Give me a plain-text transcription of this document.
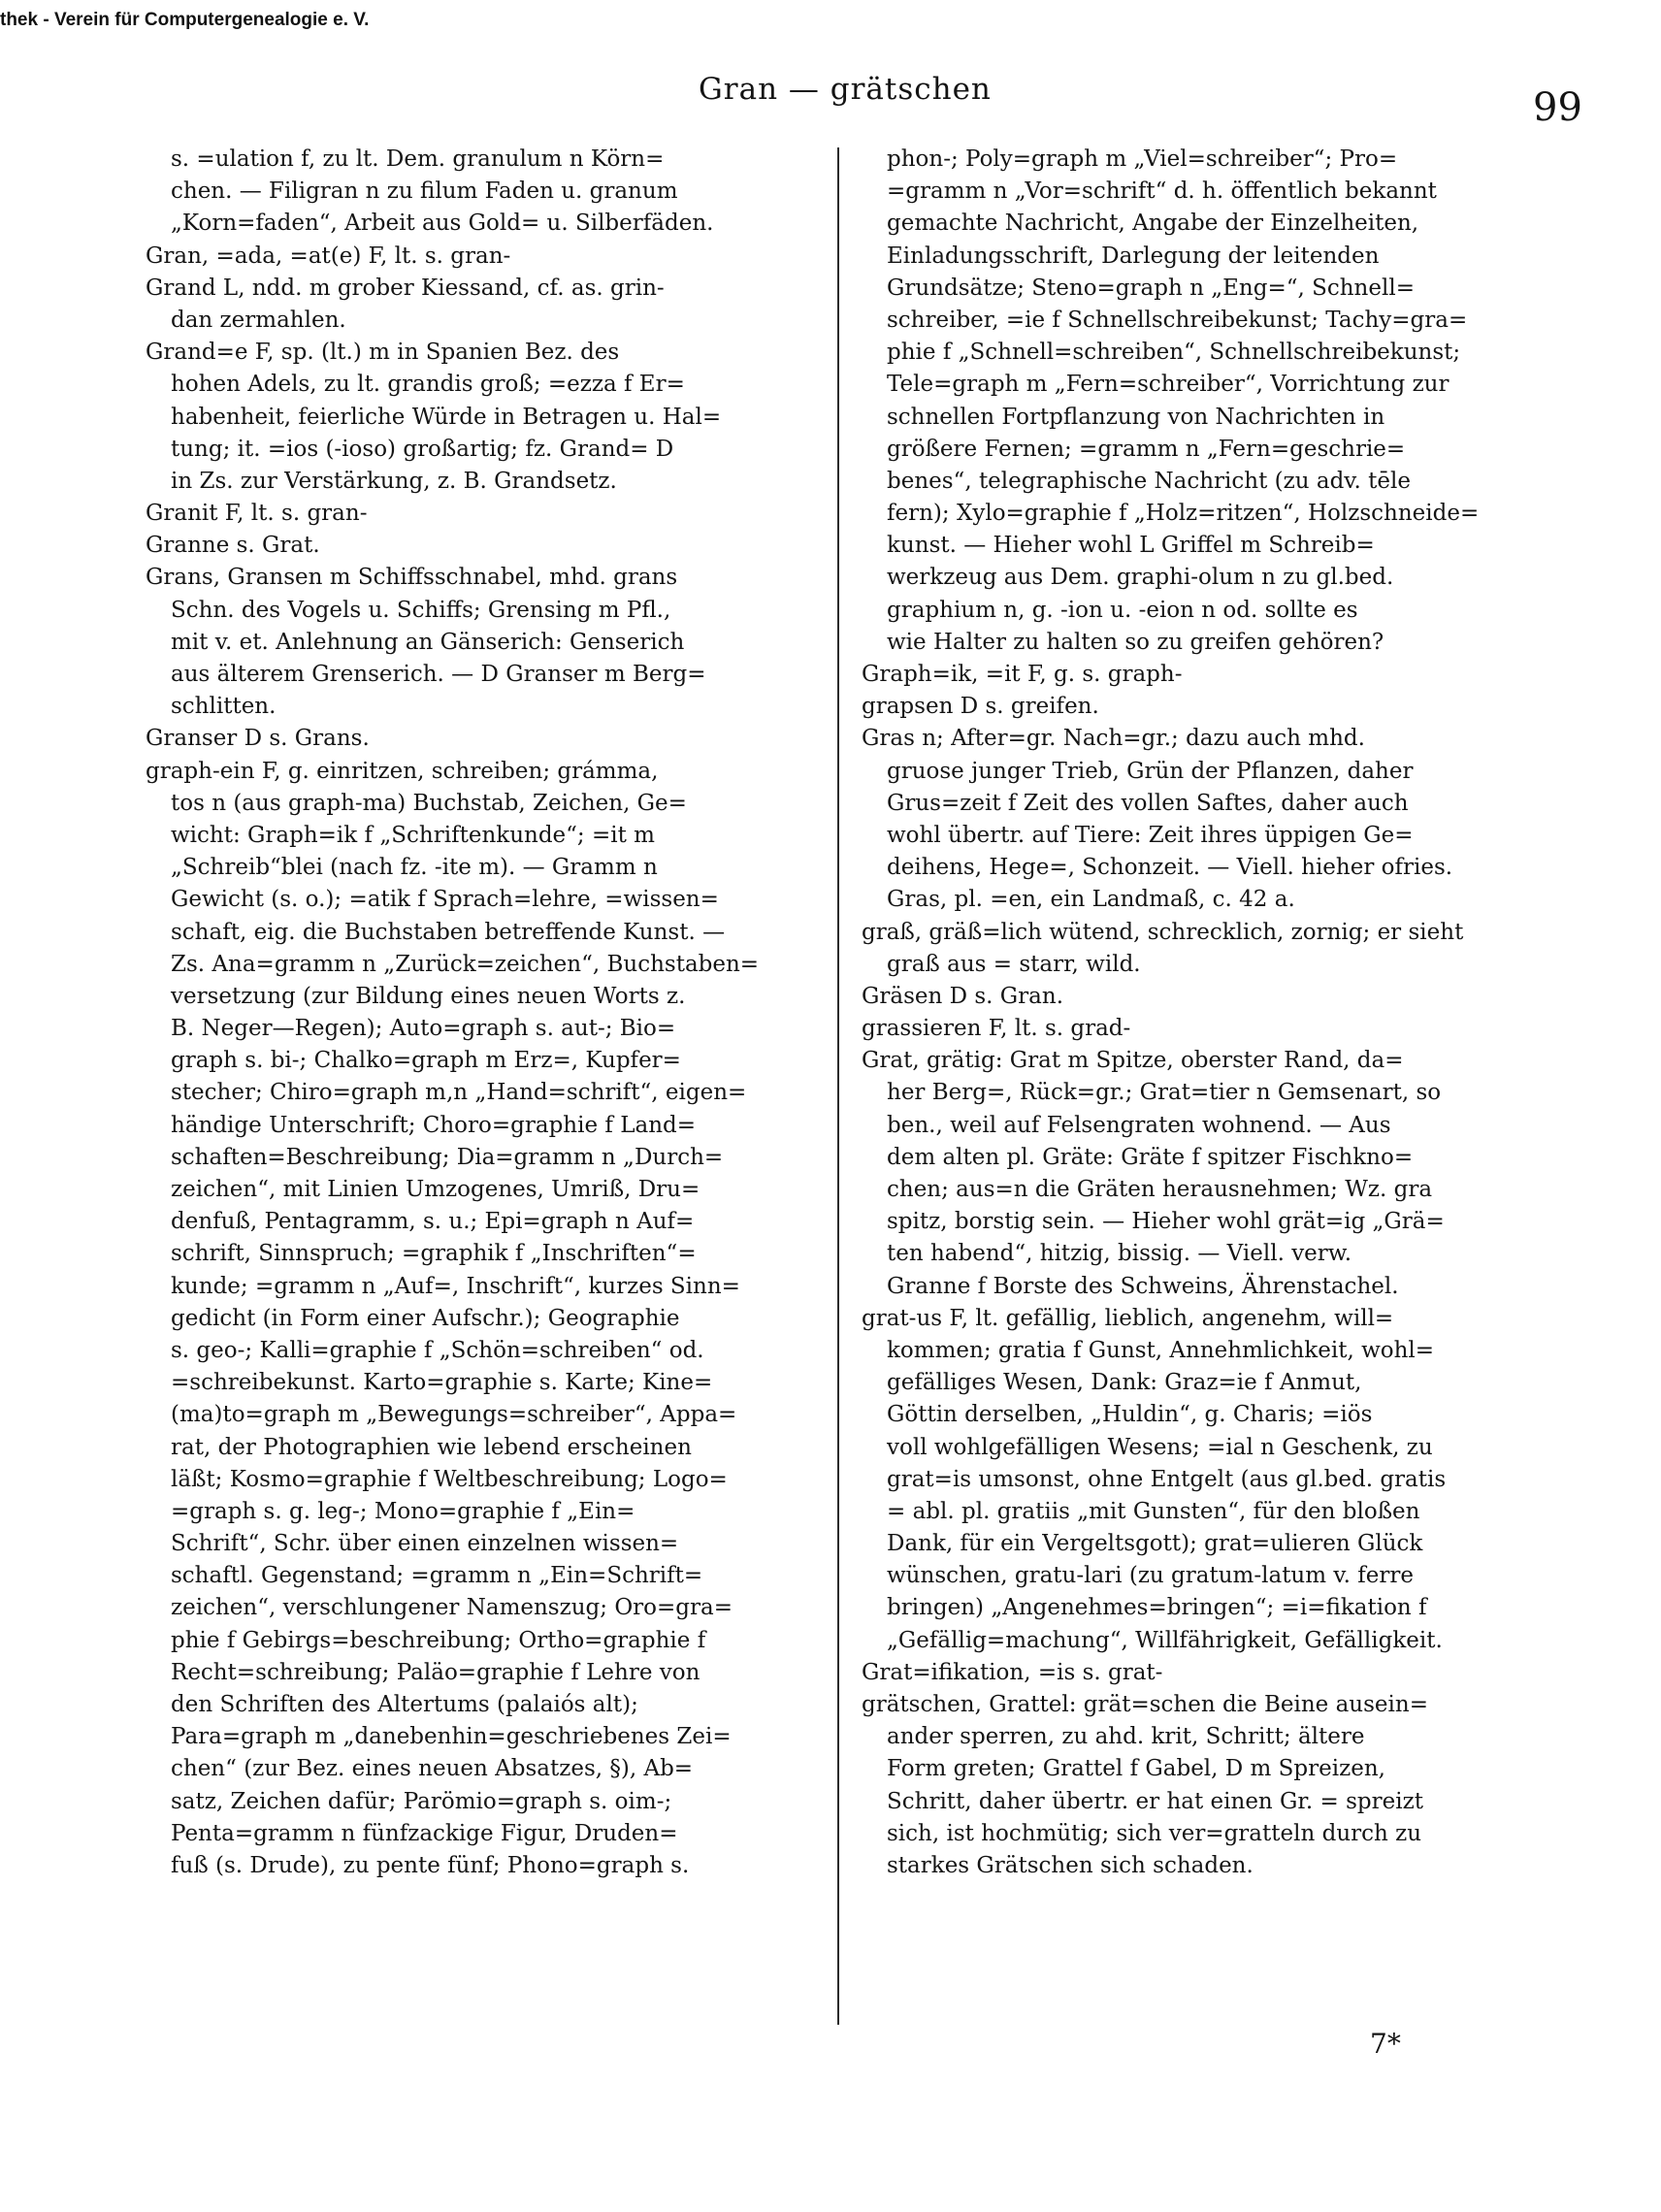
thek - Verein für Computergenealogie e. V.
Gran — grätschen	99
s. =ulation f, zu lt. Dem. granulum n Körn=
chen. — Filigran n zu filum Faden u. granum
„Korn=faden“, Arbeit aus Gold= u. Silberfäden.
Gran, =ada, =at(e) F, lt. s. gran-
Grand L, ndd. m grober Kiessand, cf. as. grin-
dan zermahlen.
Grand=e F, sp. (lt.) m in Spanien Bez. des
hohen Adels, zu lt. grandis groß; =ezza f Er=
habenheit, feierliche Würde in Betragen u. Hal=
tung; it. =ios (-ioso) großartig; fz. Grand= D
in Zs. zur Verstärkung, z. B. Grandsetz.
Granit F, lt. s. gran-
Granne s. Grat.
Grans, Gransen m Schiffsschnabel, mhd. grans
Schn. des Vogels u. Schiffs; Grensing m Pfl.,
mit v. et. Anlehnung an Gänserich: Genserich
aus älterem Grenserich. — D Granser m Berg=
schlitten.
Granser D s. Grans.
graph-ein F, g. einritzen, schreiben; grámma,
tos n (aus graph-ma) Buchstab, Zeichen, Ge=
wicht: Graph=ik f „Schriftenkunde“; =it m
„Schreib“blei (nach fz. -ite m). — Gramm n
Gewicht (s. o.); =atik f Sprach=lehre, =wissen=
schaft, eig. die Buchstaben betreffende Kunst. —
Zs. Ana=gramm n „Zurück=zeichen“, Buchstaben=
versetzung (zur Bildung eines neuen Worts z.
B. Neger—Regen); Auto=graph s. aut-; Bio=
graph s. bi-; Chalko=graph m Erz=, Kupfer=
stecher; Chiro=graph m,n „Hand=schrift“, eigen=
händige Unterschrift; Choro=graphie f Land=
schaften=Beschreibung; Dia=gramm n „Durch=
zeichen“, mit Linien Umzogenes, Umriß, Dru=
denfuß, Pentagramm, s. u.; Epi=graph n Auf=
schrift, Sinnspruch; =graphik f „Inschriften“=
kunde; =gramm n „Auf=, Inschrift“, kurzes Sinn=
gedicht (in Form einer Aufschr.); Geographie
s. geo-; Kalli=graphie f „Schön=schreiben“ od.
=schreibekunst. Karto=graphie s. Karte; Kine=
(ma)to=graph m „Bewegungs=schreiber“, Appa=
rat, der Photographien wie lebend erscheinen
läßt; Kosmo=graphie f Weltbeschreibung; Logo=
=graph s. g. leg-; Mono=graphie f „Ein=
Schrift“, Schr. über einen einzelnen wissen=
schaftl. Gegenstand; =gramm n „Ein=Schrift=
zeichen“, verschlungener Namenszug; Oro=gra=
phie f Gebirgs=beschreibung; Ortho=graphie f
Recht=schreibung; Paläo=graphie f Lehre von
den Schriften des Altertums (palaiós alt);
Para=graph m „danebenhin=geschriebenes Zei=
chen“ (zur Bez. eines neuen Absatzes, §), Ab=
satz, Zeichen dafür; Parömio=graph s. oim-;
Penta=gramm n fünfzackige Figur, Druden=
fuß (s. Drude), zu pente fünf; Phono=graph s.
phon-; Poly=graph m „Viel=schreiber“; Pro=
=gramm n „Vor=schrift“ d. h. öffentlich bekannt
gemachte Nachricht, Angabe der Einzelheiten,
Einladungsschrift, Darlegung der leitenden
Grundsätze; Steno=graph n „Eng=“, Schnell=
schreiber, =ie f Schnellschreibekunst; Tachy=gra=
phie f „Schnell=schreiben“, Schnellschreibekunst;
Tele=graph m „Fern=schreiber“, Vorrichtung zur
schnellen Fortpflanzung von Nachrichten in
größere Fernen; =gramm n „Fern=geschrie=
benes“, telegraphische Nachricht (zu adv. tēle
fern); Xylo=graphie f „Holz=ritzen“, Holzschneide=
kunst. — Hieher wohl L Griffel m Schreib=
werkzeug aus Dem. graphi-olum n zu gl.bed.
graphium n, g. -ion u. -eion n od. sollte es
wie Halter zu halten so zu greifen gehören?
Graph=ik, =it F, g. s. graph-
grapsen D s. greifen.
Gras n; After=gr. Nach=gr.; dazu auch mhd.
gruose junger Trieb, Grün der Pflanzen, daher
Grus=zeit f Zeit des vollen Saftes, daher auch
wohl übertr. auf Tiere: Zeit ihres üppigen Ge=
deihens, Hege=, Schonzeit. — Viell. hieher ofries.
Gras, pl. =en, ein Landmaß, c. 42 a.
graß, gräß=lich wütend, schrecklich, zornig; er sieht
graß aus = starr, wild.
Gräsen D s. Gran.
grassieren F, lt. s. grad-
Grat, grätig: Grat m Spitze, oberster Rand, da=
her Berg=, Rück=gr.; Grat=tier n Gemsenart, so
ben., weil auf Felsengraten wohnend. — Aus
dem alten pl. Gräte: Gräte f spitzer Fischkno=
chen; aus=n die Gräten herausnehmen; Wz. gra
spitz, borstig sein. — Hieher wohl grät=ig „Grä=
ten habend“, hitzig, bissig. — Viell. verw.
Granne f Borste des Schweins, Ährenstachel.
grat-us F, lt. gefällig, lieblich, angenehm, will=
kommen; gratia f Gunst, Annehmlichkeit, wohl=
gefälliges Wesen, Dank: Graz=ie f Anmut,
Göttin derselben, „Huldin“, g. Charis; =iös
voll wohlgefälligen Wesens; =ial n Geschenk, zu
grat=is umsonst, ohne Entgelt (aus gl.bed. gratis
= abl. pl. gratiis „mit Gunsten“, für den bloßen
Dank, für ein Vergeltsgott); grat=ulieren Glück
wünschen, gratu-lari (zu gratum-latum v. ferre
bringen) „Angenehmes=bringen“; =i=fikation f
„Gefällig=machung“, Willfährigkeit, Gefälligkeit.
Grat=ifikation, =is s. grat-
grätschen, Grattel: grät=schen die Beine ausein=
ander sperren, zu ahd. krit, Schritt; ältere
Form greten; Grattel f Gabel, D m Spreizen,
Schritt, daher übertr. er hat einen Gr. = spreizt
sich, ist hochmütig; sich ver=gratteln durch zu
starkes Grätschen sich schaden.
7*
